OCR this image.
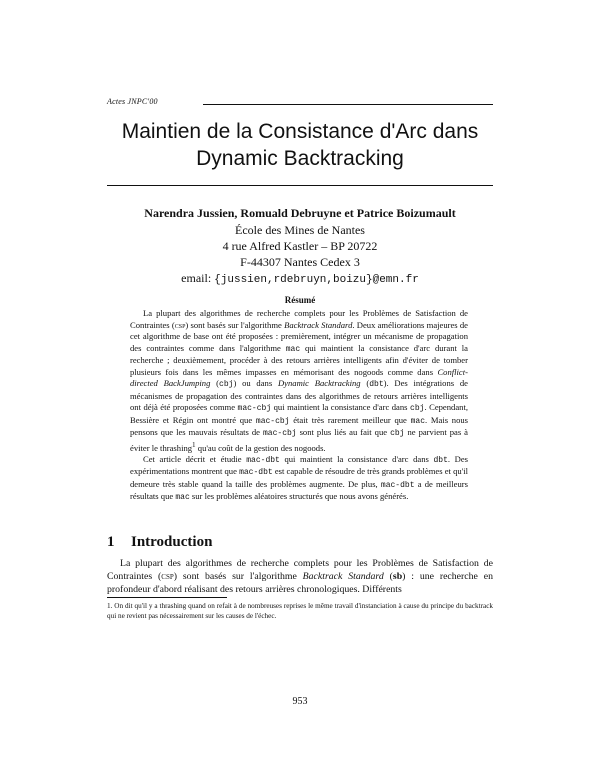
Actes JNPC'00
Maintien de la Consistance d'Arc dans
Dynamic Backtracking
Narendra Jussien, Romuald Debruyne et Patrice Boizumault
École des Mines de Nantes
4 rue Alfred Kastler – BP 20722
F-44307 Nantes Cedex 3
email: {jussien,rdebruyn,boizu}@emn.fr
Résumé

La plupart des algorithmes de recherche complets pour les Problèmes de Satisfaction de Contraintes (csp) sont basés sur l'algorithme Backtrack Standard. Deux améliorations majeures de cet algorithme de base ont été proposées : premièrement, intégrer un mécanisme de propagation des contraintes comme dans l'algorithme mac qui maintient la consistance d'arc durant la recherche ; deuxièmement, procéder à des retours arrières intelligents afin d'éviter de tomber plusieurs fois dans les mêmes impasses en mémorisant des nogoods comme dans Conflict-directed BackJumping (cbj) ou dans Dynamic Backtracking (dbt). Des intégrations de mécanismes de propagation des contraintes dans des algorithmes de retours arrières intelligents ont déjà été proposées comme mac-cbj qui maintient la consistance d'arc dans cbj. Cependant, Bessière et Régin ont montré que mac-cbj était très rarement meilleur que mac. Mais nous pensons que les mauvais résultats de mac-cbj sont plus liés au fait que cbj ne parvient pas à éviter le thrashing$^1$ qu'au coût de la gestion des nogoods.

Cet article décrit et étudie mac-dbt qui maintient la consistance d'arc dans dbt. Des expérimentations montrent que mac-dbt est capable de résoudre de très grands problèmes et qu'il demeure très stable quand la taille des problèmes augmente. De plus, mac-dbt a de meilleurs résultats que mac sur les problèmes aléatoires structurés que nous avons générés.

1 Introduction

La plupart des algorithmes de recherche complets pour les Problèmes de Satisfaction de Contraintes (csp) sont basés sur l'algorithme Backtrack Standard (sb) : une recherche en profondeur d'abord réalisant des retours arrières chronologiques. Différents

1. On dit qu'il y a thrashing quand on refait à de nombreuses reprises le même travail d'instanciation à cause du principe du backtrack qui ne revient pas nécessairement sur les causes de l'échec.
953
